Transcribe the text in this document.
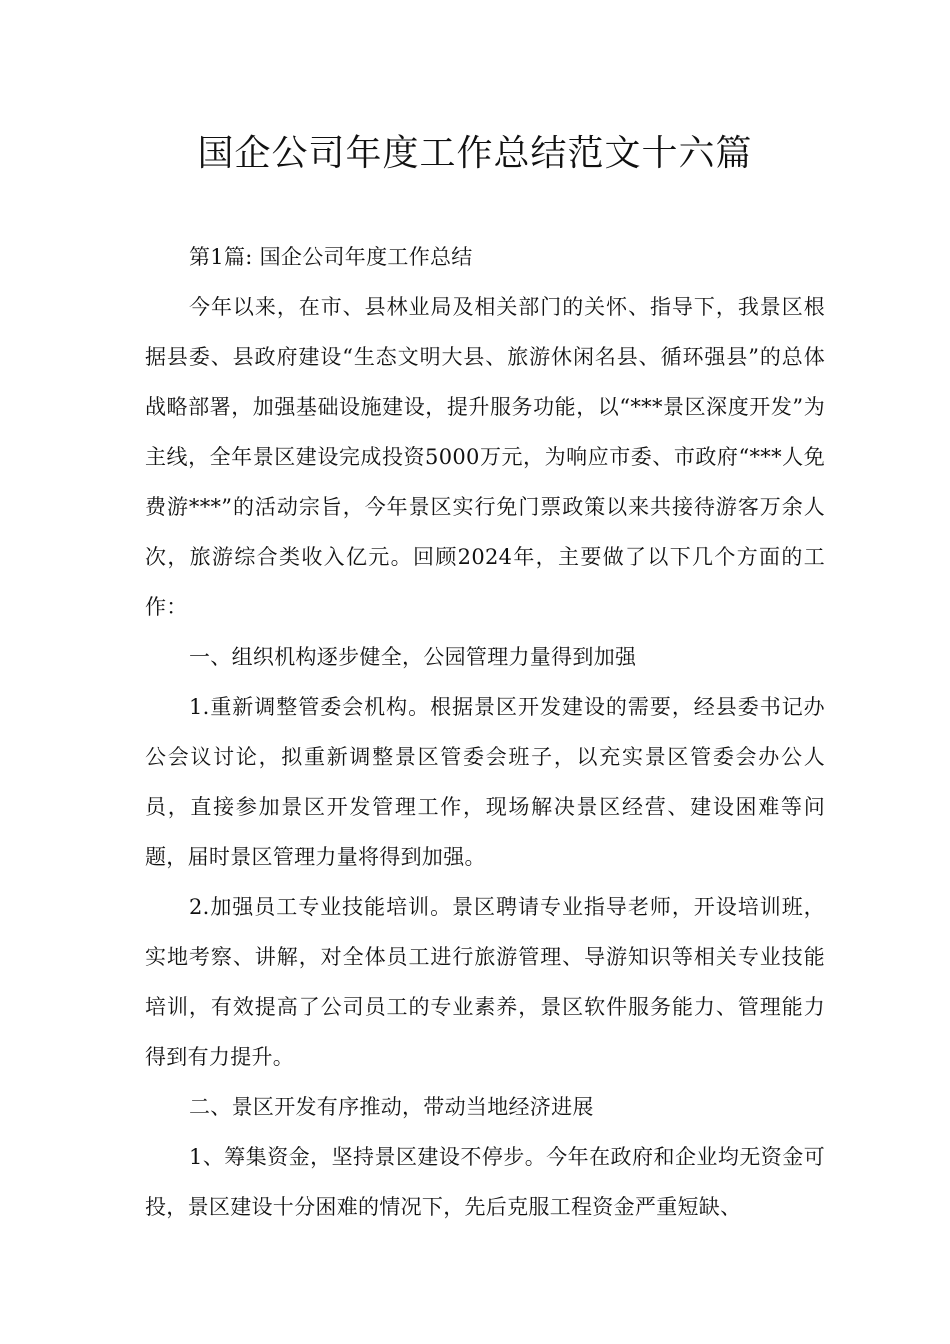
国企公司年度工作总结范文十六篇

第1篇: 国企公司年度工作总结

今年以来，在市、县林业局及相关部门的关怀、指导下，我景区根据县委、县政府建设“生态文明大县、旅游休闲名县、循环强县”的总体战略部署，加强基础设施建设，提升服务功能，以“***景区深度开发”为主线，全年景区建设完成投资5000万元，为响应市委、市政府“***人免费游***”的活动宗旨，今年景区实行免门票政策以来共接待游客万余人次，旅游综合类收入亿元。回顾2024年，主要做了以下几个方面的工作：

一、组织机构逐步健全，公园管理力量得到加强

1.重新调整管委会机构。根据景区开发建设的需要，经县委书记办公会议讨论，拟重新调整景区管委会班子，以充实景区管委会办公人员，直接参加景区开发管理工作，现场解决景区经营、建设困难等问题，届时景区管理力量将得到加强。

2.加强员工专业技能培训。景区聘请专业指导老师，开设培训班，实地考察、讲解，对全体员工进行旅游管理、导游知识等相关专业技能培训，有效提高了公司员工的专业素养，景区软件服务能力、管理能力得到有力提升。

二、景区开发有序推动，带动当地经济进展

1、筹集资金，坚持景区建设不停步。今年在政府和企业均无资金可投，景区建设十分困难的情况下，先后克服工程资金严重短缺、
